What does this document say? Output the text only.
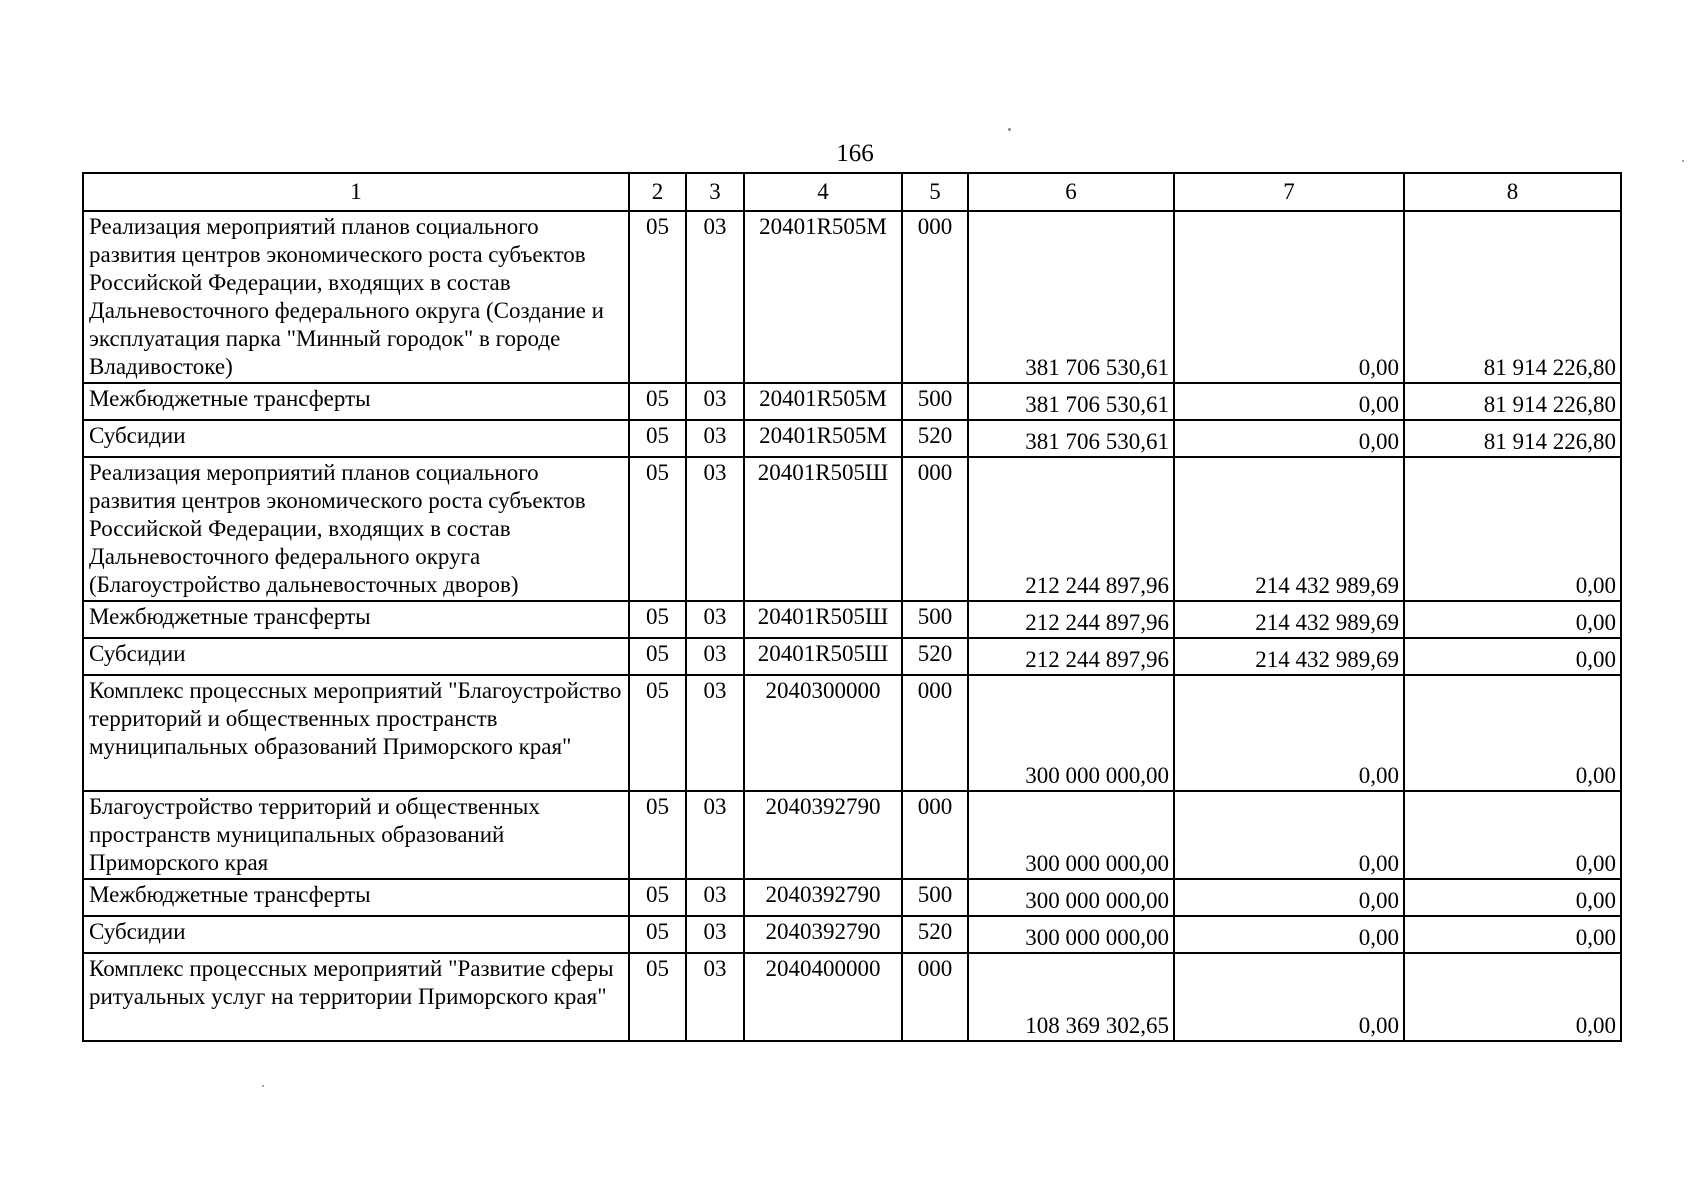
166
1	2	3	4	5	6	7	8
Реализация мероприятий планов социального развития центров экономического роста субъектов Российской Федерации, входящих в состав Дальневосточного федерального округа (Создание и эксплуатация парка "Минный городок" в городе Владивостоке)	05	03	20401R505M	000	381 706 530,61	0,00	81 914 226,80
Межбюджетные трансферты	05	03	20401R505M	500	381 706 530,61	0,00	81 914 226,80
Субсидии	05	03	20401R505M	520	381 706 530,61	0,00	81 914 226,80
Реализация мероприятий планов социального развития центров экономического роста субъектов Российской Федерации, входящих в состав Дальневосточного федерального округа (Благоустройство дальневосточных дворов)	05	03	20401R505Ш	000	212 244 897,96	214 432 989,69	0,00
Межбюджетные трансферты	05	03	20401R505Ш	500	212 244 897,96	214 432 989,69	0,00
Субсидии	05	03	20401R505Ш	520	212 244 897,96	214 432 989,69	0,00
Комплекс процессных мероприятий "Благоустройство территорий и общественных пространств муниципальных образований Приморского края"	05	03	2040300000	000	300 000 000,00	0,00	0,00
Благоустройство территорий и общественных пространств муниципальных образований Приморского края	05	03	2040392790	000	300 000 000,00	0,00	0,00
Межбюджетные трансферты	05	03	2040392790	500	300 000 000,00	0,00	0,00
Субсидии	05	03	2040392790	520	300 000 000,00	0,00	0,00
Комплекс процессных мероприятий "Развитие сферы ритуальных услуг на территории Приморского края"	05	03	2040400000	000	108 369 302,65	0,00	0,00
